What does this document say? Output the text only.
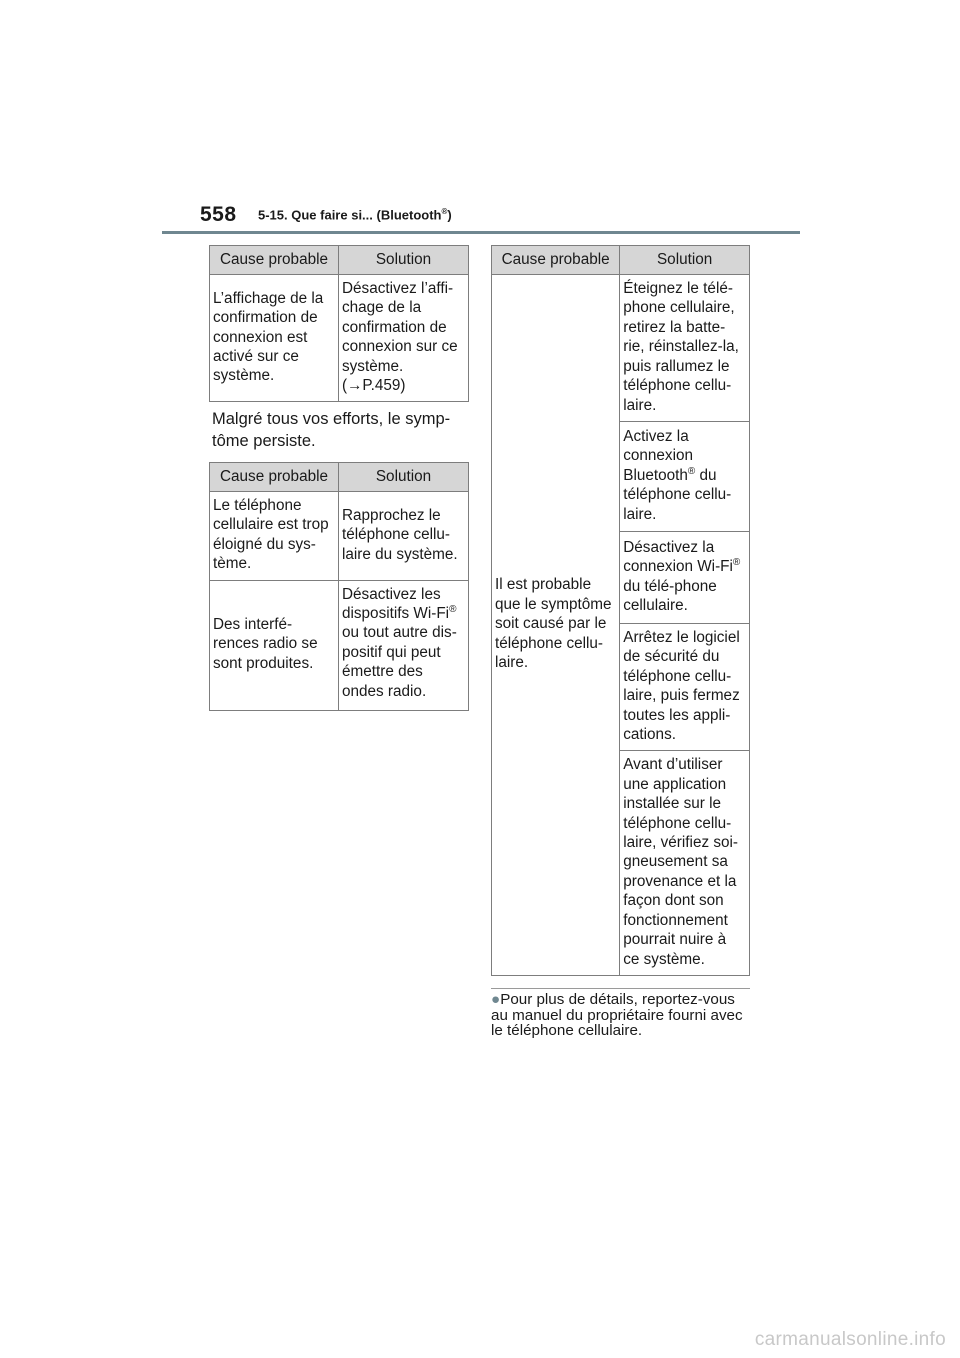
558 5-15. Que faire si... (Bluetooth®)
Cause probable	Solution
L’affichage de la confirmation de connexion est activé sur ce système.	Désactivez l’affi-chage de la confirmation de connexion sur ce système.
(→P.459)
Malgré tous vos efforts, le symp-tôme persiste.
Cause probable	Solution
Le téléphone cellulaire est trop éloigné du sys-tème.	Rapprochez le téléphone cellu-laire du système.
Des interfé-rences radio se sont produites.	Désactivez les dispositifs Wi-Fi® ou tout autre dis-positif qui peut émettre des ondes radio.
Cause probable	Solution
Il est probable que le symptôme soit causé par le téléphone cellu-laire.	Éteignez le télé-phone cellulaire, retirez la batte-rie, réinstallez-la, puis rallumez le téléphone cellu-laire.
	Activez la connexion Bluetooth® du téléphone cellu-laire.
	Désactivez la connexion Wi-Fi® du télé-phone cellulaire.
	Arrêtez le logiciel de sécurité du téléphone cellu-laire, puis fermez toutes les appli-cations.
	Avant d’utiliser une application installée sur le téléphone cellu-laire, vérifiez soi-gneusement sa provenance et la façon dont son fonctionnement pourrait nuire à ce système.
●Pour plus de détails, reportez-vous au manuel du propriétaire fourni avec le téléphone cellulaire.
carmanualsonline.info
